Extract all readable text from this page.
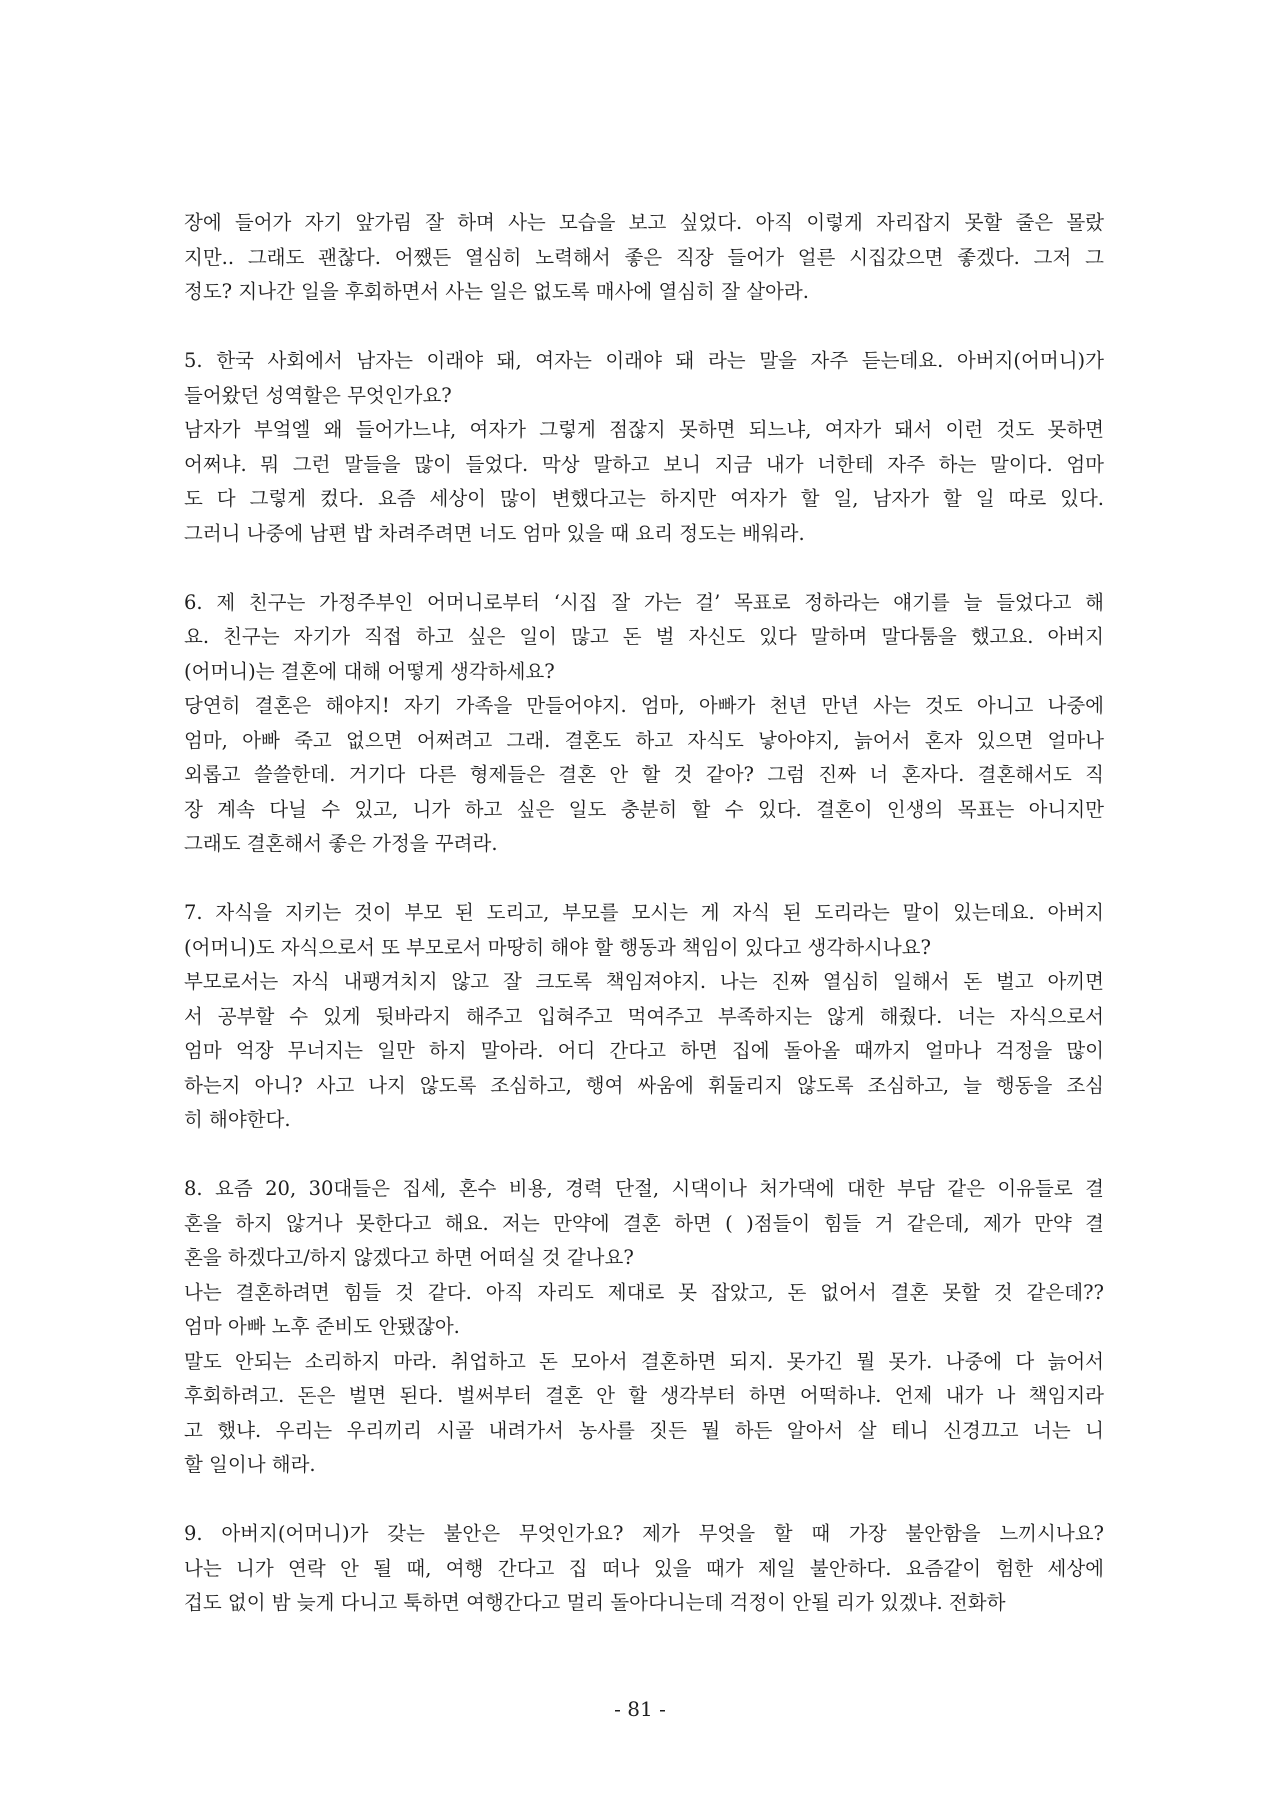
장에 들어가 자기 앞가림 잘 하며 사는 모습을 보고 싶었다. 아직 이렇게 자리잡지 못할 줄은 몰랐
지만.. 그래도 괜찮다. 어쨌든 열심히 노력해서 좋은 직장 들어가 얼른 시집갔으면 좋겠다. 그저 그
정도? 지나간 일을 후회하면서 사는 일은 없도록 매사에 열심히 잘 살아라.
5. 한국 사회에서 남자는 이래야 돼, 여자는 이래야 돼 라는 말을 자주 듣는데요. 아버지(어머니)가
들어왔던 성역할은 무엇인가요?
남자가 부엌엘 왜 들어가느냐, 여자가 그렇게 점잖지 못하면 되느냐, 여자가 돼서 이런 것도 못하면
어쩌냐. 뭐 그런 말들을 많이 들었다. 막상 말하고 보니 지금 내가 너한테 자주 하는 말이다. 엄마
도 다 그렇게 컸다. 요즘 세상이 많이 변했다고는 하지만 여자가 할 일, 남자가 할 일 따로 있다.
그러니 나중에 남편 밥 차려주려면 너도 엄마 있을 때 요리 정도는 배워라.
6. 제 친구는 가정주부인 어머니로부터 ‘시집 잘 가는 걸’ 목표로 정하라는 얘기를 늘 들었다고 해
요. 친구는 자기가 직접 하고 싶은 일이 많고 돈 벌 자신도 있다 말하며 말다툼을 했고요. 아버지
(어머니)는 결혼에 대해 어떻게 생각하세요?
당연히 결혼은 해야지! 자기 가족을 만들어야지. 엄마, 아빠가 천년 만년 사는 것도 아니고 나중에
엄마, 아빠 죽고 없으면 어쩌려고 그래. 결혼도 하고 자식도 낳아야지, 늙어서 혼자 있으면 얼마나
외롭고 쓸쓸한데. 거기다 다른 형제들은 결혼 안 할 것 같아? 그럼 진짜 너 혼자다. 결혼해서도 직
장 계속 다닐 수 있고, 니가 하고 싶은 일도 충분히 할 수 있다. 결혼이 인생의 목표는 아니지만
그래도 결혼해서 좋은 가정을 꾸려라.
7. 자식을 지키는 것이 부모 된 도리고, 부모를 모시는 게 자식 된 도리라는 말이 있는데요. 아버지
(어머니)도 자식으로서 또 부모로서 마땅히 해야 할 행동과 책임이 있다고 생각하시나요?
부모로서는 자식 내팽겨치지 않고 잘 크도록 책임져야지. 나는 진짜 열심히 일해서 돈 벌고 아끼면
서 공부할 수 있게 뒷바라지 해주고 입혀주고 먹여주고 부족하지는 않게 해줬다. 너는 자식으로서
엄마 억장 무너지는 일만 하지 말아라. 어디 간다고 하면 집에 돌아올 때까지 얼마나 걱정을 많이
하는지 아니? 사고 나지 않도록 조심하고, 행여 싸움에 휘둘리지 않도록 조심하고, 늘 행동을 조심
히 해야한다.
8. 요즘 20, 30대들은 집세, 혼수 비용, 경력 단절, 시댁이나 처가댁에 대한 부담 같은 이유들로 결
혼을 하지 않거나 못한다고 해요. 저는 만약에 결혼 하면 ( )점들이 힘들 거 같은데, 제가 만약 결
혼을 하겠다고/하지 않겠다고 하면 어떠실 것 같나요?
나는 결혼하려면 힘들 것 같다. 아직 자리도 제대로 못 잡았고, 돈 없어서 결혼 못할 것 같은데??
엄마 아빠 노후 준비도 안됐잖아.
말도 안되는 소리하지 마라. 취업하고 돈 모아서 결혼하면 되지. 못가긴 뭘 못가. 나중에 다 늙어서
후회하려고. 돈은 벌면 된다. 벌써부터 결혼 안 할 생각부터 하면 어떡하냐. 언제 내가 나 책임지라
고 했냐. 우리는 우리끼리 시골 내려가서 농사를 짓든 뭘 하든 알아서 살 테니 신경끄고 너는 니
할 일이나 해라.
9. 아버지(어머니)가 갖는 불안은 무엇인가요? 제가 무엇을 할 때 가장 불안함을 느끼시나요?
나는 니가 연락 안 될 때, 여행 간다고 집 떠나 있을 때가 제일 불안하다. 요즘같이 험한 세상에
겁도 없이 밤 늦게 다니고 툭하면 여행간다고 멀리 돌아다니는데 걱정이 안될 리가 있겠냐. 전화하
- 81 -
